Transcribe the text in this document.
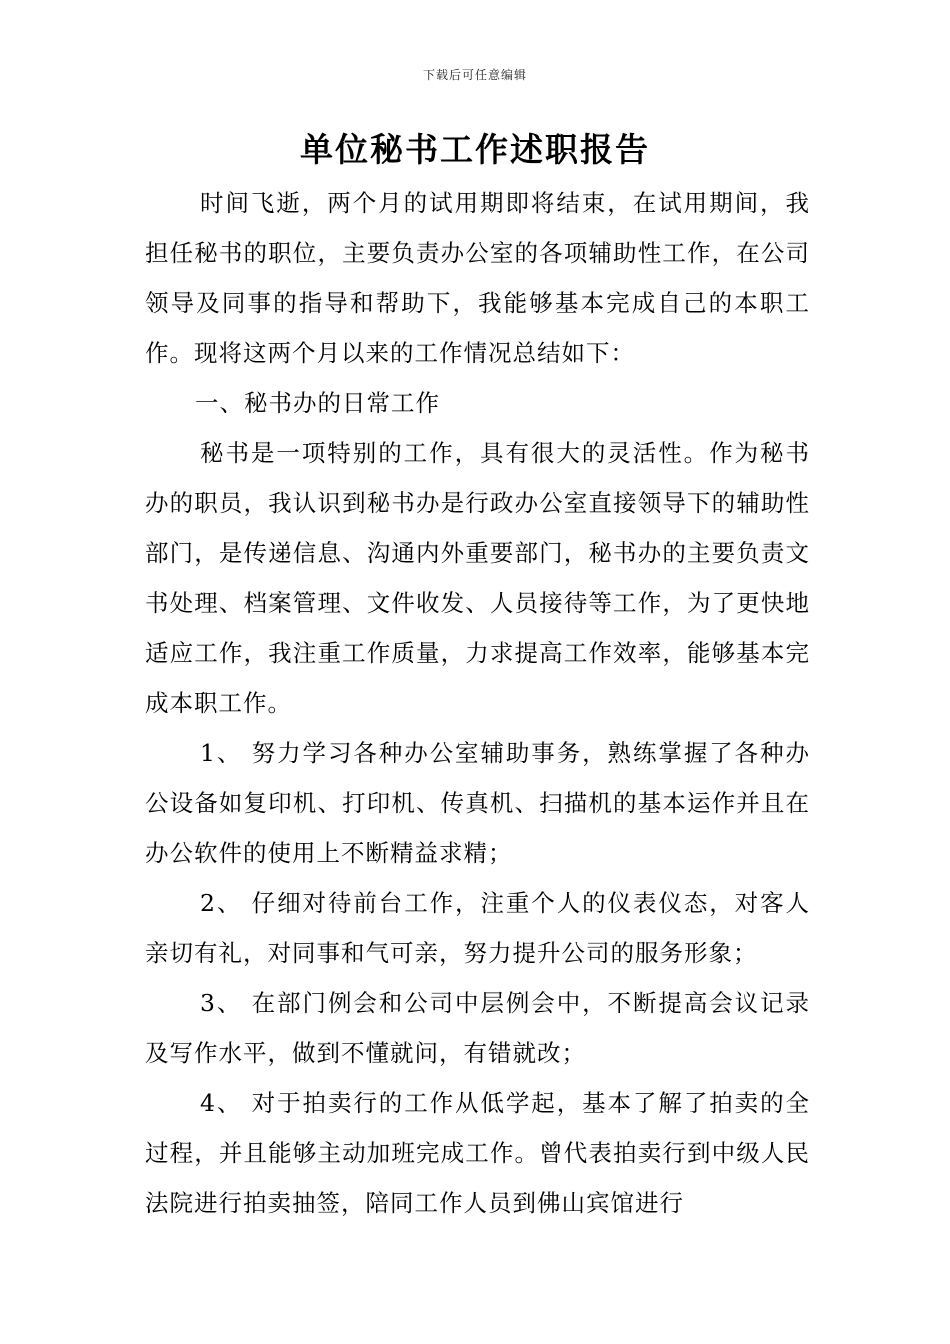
下载后可任意编辑
单位秘书工作述职报告

时间飞逝，两个月的试用期即将结束，在试用期间，我担任秘书的职位，主要负责办公室的各项辅助性工作，在公司领导及同事的指导和帮助下，我能够基本完成自己的本职工作。现将这两个月以来的工作情况总结如下：

一、秘书办的日常工作

秘书是一项特别的工作，具有很大的灵活性。作为秘书办的职员，我认识到秘书办是行政办公室直接领导下的辅助性部门，是传递信息、沟通内外重要部门，秘书办的主要负责文书处理、档案管理、文件收发、人员接待等工作，为了更快地适应工作，我注重工作质量，力求提高工作效率，能够基本完成本职工作。

1、 努力学习各种办公室辅助事务，熟练掌握了各种办公设备如复印机、打印机、传真机、扫描机的基本运作并且在办公软件的使用上不断精益求精；

2、 仔细对待前台工作，注重个人的仪表仪态，对客人亲切有礼，对同事和气可亲，努力提升公司的服务形象；

3、 在部门例会和公司中层例会中，不断提高会议记录及写作水平，做到不懂就问，有错就改；

4、 对于拍卖行的工作从低学起，基本了解了拍卖的全过程，并且能够主动加班完成工作。曾代表拍卖行到中级人民法院进行拍卖抽签，陪同工作人员到佛山宾馆进行
